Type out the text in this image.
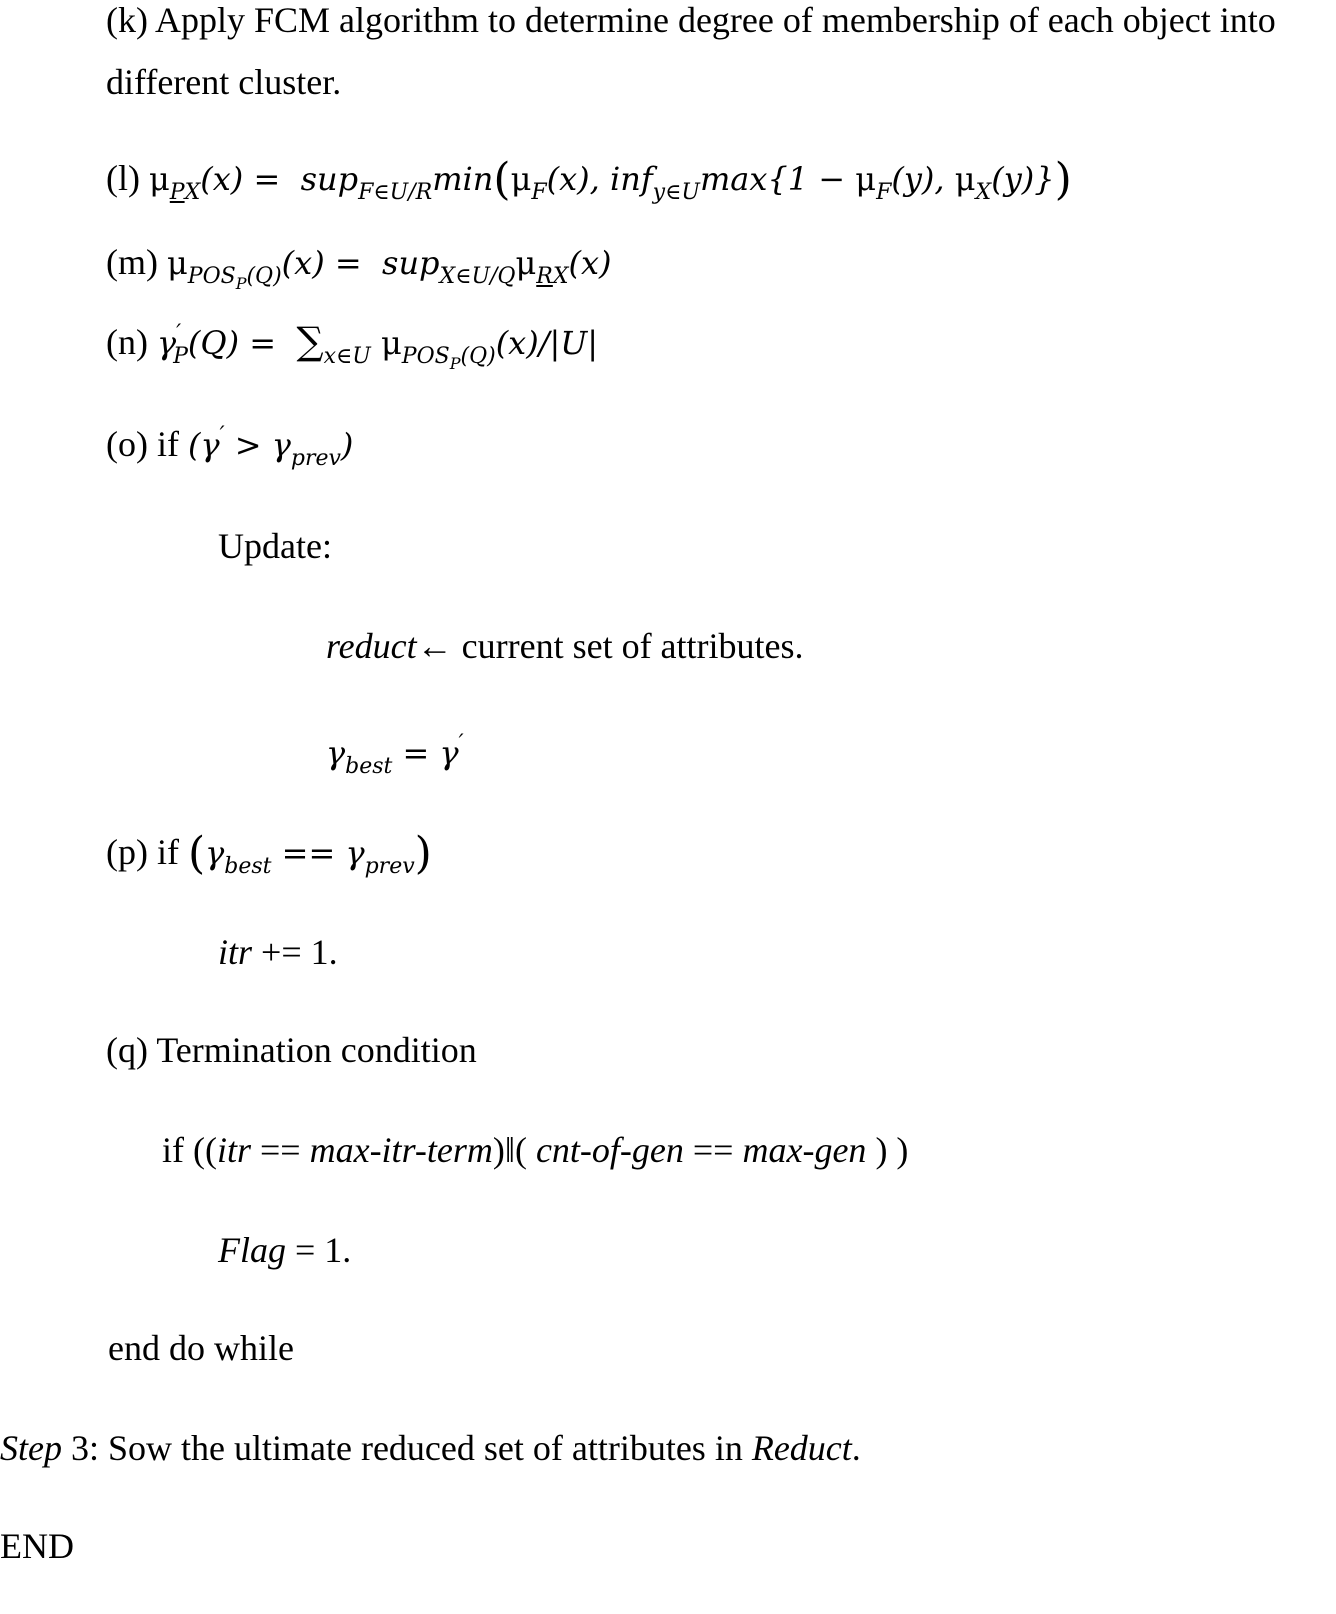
(k) Apply FCM algorithm to determine degree of membership of each object into
different cluster.
(l) $\mu_{PX}(x) = sup_{F\in U/R}\min(\mu_F(x)$, $inf_{y\in U}\max\{1 - \mu_F(y)$, $\mu_X(y)$})
(m) $\mu_{POS_P(Q)}(x) = sup_{X\in U/Q}\mu_{RX}(x)$
(n) $\gamma'_P(Q) = \sum_{x\in U}$ $\mu_{POS_P(Q)}(x)/|U|$
(o) if $(\gamma' > \gamma_{prev})$
Update:
reduct← current set of attributes.
$\gamma_{best} = \gamma'$
(p) if $(\gamma_{best} == \gamma_{prev})$
itr += 1.
(q) Termination condition
if ((itr == max-itr-term)‖( cnt-of-gen == max-gen ) )
Flag = 1.
end do while
Step 3: Sow the ultimate reduced set of attributes in Reduct.
END
